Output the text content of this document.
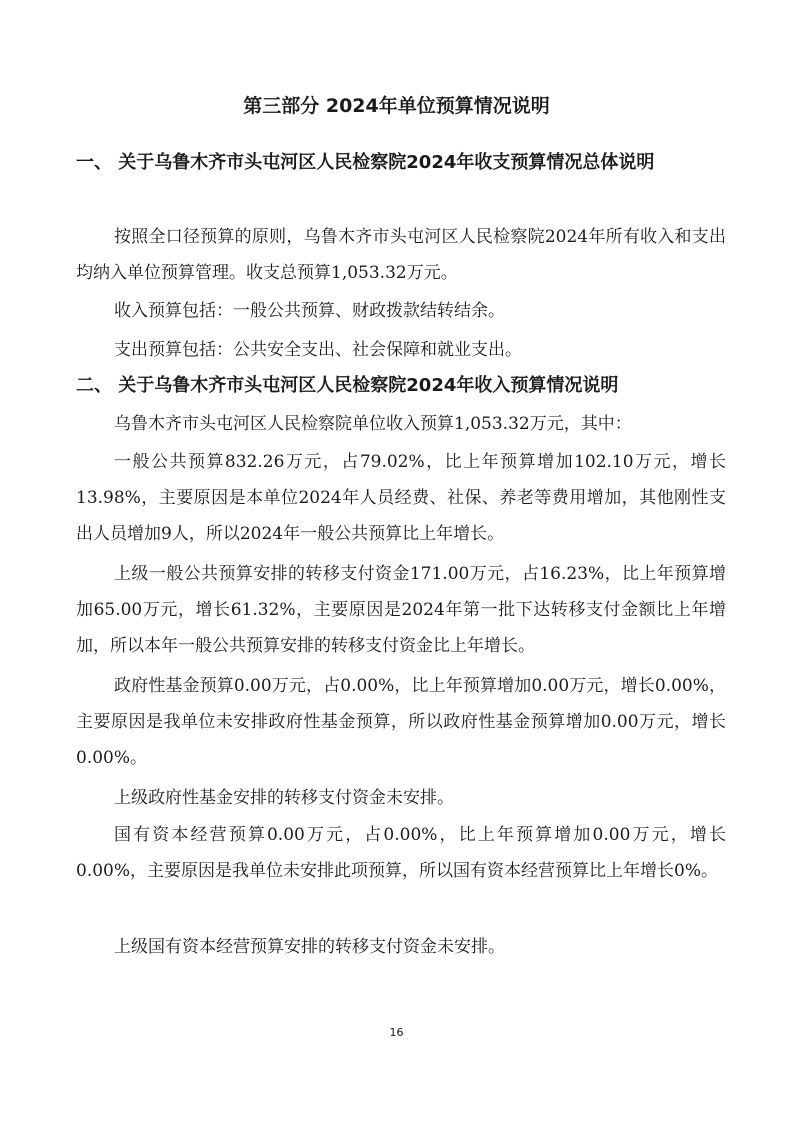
第三部分 2024年单位预算情况说明
一、 关于乌鲁木齐市头屯河区人民检察院2024年收支预算情况总体说明
按照全口径预算的原则，乌鲁木齐市头屯河区人民检察院2024年所有收入和支出均纳入单位预算管理。收支总预算1,053.32万元。
收入预算包括：一般公共预算、财政拨款结转结余。
支出预算包括：公共安全支出、社会保障和就业支出。
二、 关于乌鲁木齐市头屯河区人民检察院2024年收入预算情况说明
乌鲁木齐市头屯河区人民检察院单位收入预算1,053.32万元，其中：
一般公共预算832.26万元，占79.02%，比上年预算增加102.10万元，增长13.98%，主要原因是本单位2024年人员经费、社保、养老等费用增加，其他刚性支出人员增加9人，所以2024年一般公共预算比上年增长。
上级一般公共预算安排的转移支付资金171.00万元，占16.23%，比上年预算增加65.00万元，增长61.32%，主要原因是2024年第一批下达转移支付金额比上年增加，所以本年一般公共预算安排的转移支付资金比上年增长。
政府性基金预算0.00万元，占0.00%，比上年预算增加0.00万元，增长0.00%，主要原因是我单位未安排政府性基金预算，所以政府性基金预算增加0.00万元，增长0.00%。
上级政府性基金安排的转移支付资金未安排。
国有资本经营预算0.00万元，占0.00%，比上年预算增加0.00万元，增长0.00%，主要原因是我单位未安排此项预算，所以国有资本经营预算比上年增长0%。
上级国有资本经营预算安排的转移支付资金未安排。
16
